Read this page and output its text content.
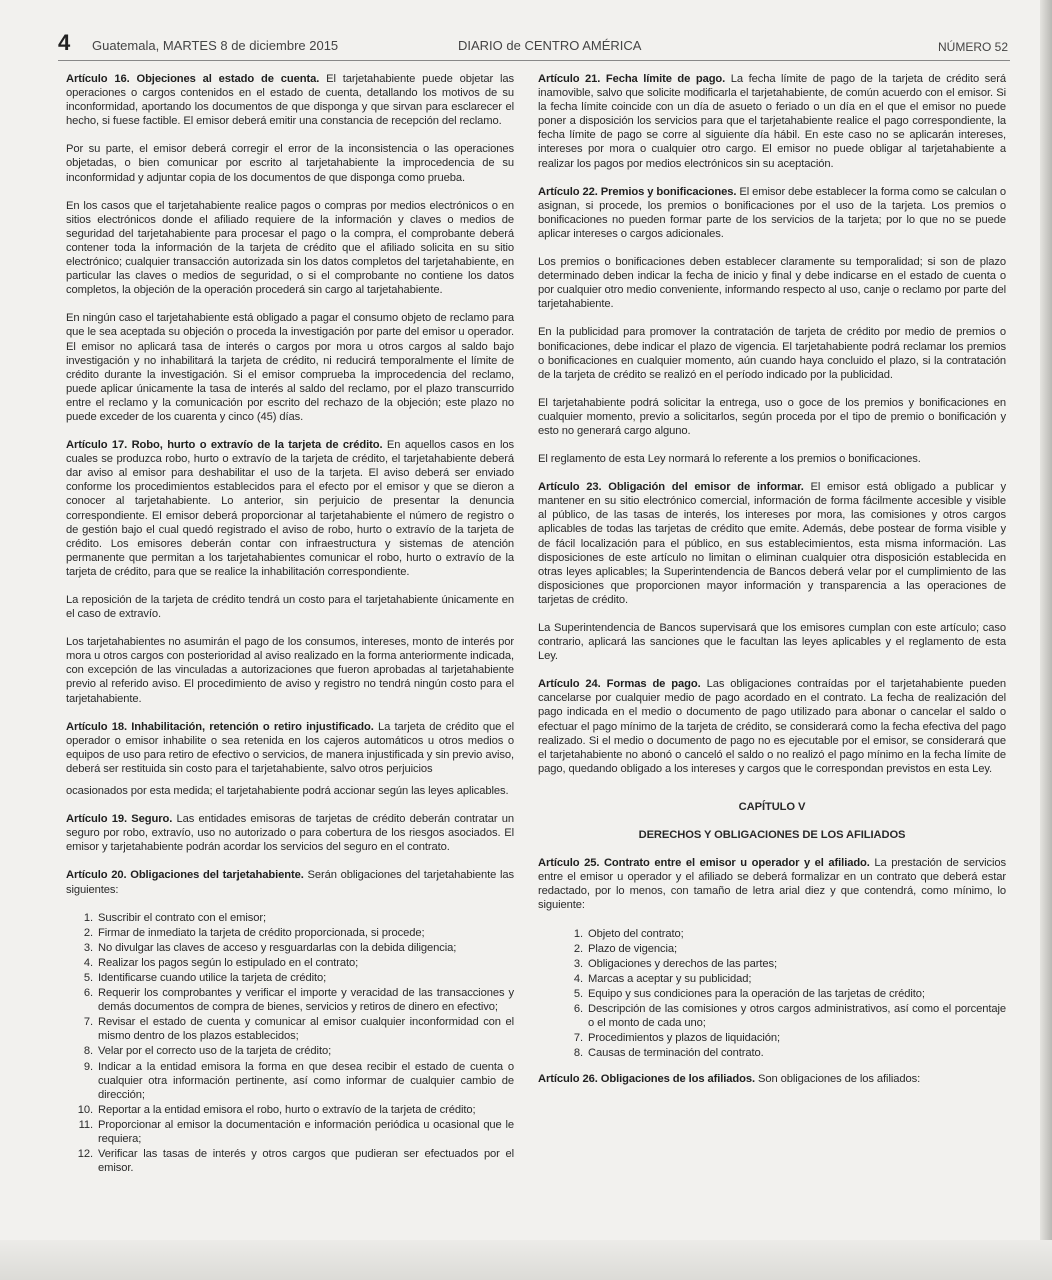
4 Guatemala, MARTES 8 de diciembre 2015	DIARIO de CENTRO AMÉRICA	NÚMERO 52

Artículo 16. Objeciones al estado de cuenta. El tarjetahabiente puede objetar las operaciones o cargos contenidos en el estado de cuenta, detallando los motivos de su inconformidad, aportando los documentos de que disponga y que sirvan para esclarecer el hecho, si fuese factible. El emisor deberá emitir una constancia de recepción del reclamo.

Por su parte, el emisor deberá corregir el error de la inconsistencia o las operaciones objetadas, o bien comunicar por escrito al tarjetahabiente la improcedencia de su inconformidad y adjuntar copia de los documentos de que disponga como prueba.

En los casos que el tarjetahabiente realice pagos o compras por medios electrónicos o en sitios electrónicos donde el afiliado requiere de la información y claves o medios de seguridad del tarjetahabiente para procesar el pago o la compra, el comprobante deberá contener toda la información de la tarjeta de crédito que el afiliado solicita en su sitio electrónico; cualquier transacción autorizada sin los datos completos del tarjetahabiente, en particular las claves o medios de seguridad, o si el comprobante no contiene los datos completos, la objeción de la operación procederá sin cargo al tarjetahabiente.

En ningún caso el tarjetahabiente está obligado a pagar el consumo objeto de reclamo para que le sea aceptada su objeción o proceda la investigación por parte del emisor u operador. El emisor no aplicará tasa de interés o cargos por mora u otros cargos al saldo bajo investigación y no inhabilitará la tarjeta de crédito, ni reducirá temporalmente el límite de crédito durante la investigación. Si el emisor comprueba la improcedencia del reclamo, puede aplicar únicamente la tasa de interés al saldo del reclamo, por el plazo transcurrido entre el reclamo y la comunicación por escrito del rechazo de la objeción; este plazo no puede exceder de los cuarenta y cinco (45) días.

Artículo 17. Robo, hurto o extravío de la tarjeta de crédito. En aquellos casos en los cuales se produzca robo, hurto o extravío de la tarjeta de crédito, el tarjetahabiente deberá dar aviso al emisor para deshabilitar el uso de la tarjeta. El aviso deberá ser enviado conforme los procedimientos establecidos para el efecto por el emisor y que se dieron a conocer al tarjetahabiente. Lo anterior, sin perjuicio de presentar la denuncia correspondiente. El emisor deberá proporcionar al tarjetahabiente el número de registro o de gestión bajo el cual quedó registrado el aviso de robo, hurto o extravío de la tarjeta de crédito. Los emisores deberán contar con infraestructura y sistemas de atención permanente que permitan a los tarjetahabientes comunicar el robo, hurto o extravío de la tarjeta de crédito, para que se realice la inhabilitación correspondiente.

La reposición de la tarjeta de crédito tendrá un costo para el tarjetahabiente únicamente en el caso de extravío.

Los tarjetahabientes no asumirán el pago de los consumos, intereses, monto de interés por mora u otros cargos con posterioridad al aviso realizado en la forma anteriormente indicada, con excepción de las vinculadas a autorizaciones que fueron aprobadas al tarjetahabiente previo al referido aviso. El procedimiento de aviso y registro no tendrá ningún costo para el tarjetahabiente.

Artículo 18. Inhabilitación, retención o retiro injustificado. La tarjeta de crédito que el operador o emisor inhabilite o sea retenida en los cajeros automáticos u otros medios o equipos de uso para retiro de efectivo o servicios, de manera injustificada y sin previo aviso, deberá ser restituida sin costo para el tarjetahabiente, salvo otros perjuicios

ocasionados por esta medida; el tarjetahabiente podrá accionar según las leyes aplicables.

Artículo 19. Seguro. Las entidades emisoras de tarjetas de crédito deberán contratar un seguro por robo, extravío, uso no autorizado o para cobertura de los riesgos asociados. El emisor y tarjetahabiente podrán acordar los servicios del seguro en el contrato.

Artículo 20. Obligaciones del tarjetahabiente. Serán obligaciones del tarjetahabiente las siguientes:

1. Suscribir el contrato con el emisor;
2. Firmar de inmediato la tarjeta de crédito proporcionada, si procede;
3. No divulgar las claves de acceso y resguardarlas con la debida diligencia;
4. Realizar los pagos según lo estipulado en el contrato;
5. Identificarse cuando utilice la tarjeta de crédito;
6. Requerir los comprobantes y verificar el importe y veracidad de las transacciones y demás documentos de compra de bienes, servicios y retiros de dinero en efectivo;
7. Revisar el estado de cuenta y comunicar al emisor cualquier inconformidad con el mismo dentro de los plazos establecidos;
8. Velar por el correcto uso de la tarjeta de crédito;
9. Indicar a la entidad emisora la forma en que desea recibir el estado de cuenta o cualquier otra información pertinente, así como informar de cualquier cambio de dirección;
10. Reportar a la entidad emisora el robo, hurto o extravío de la tarjeta de crédito;
11. Proporcionar al emisor la documentación e información periódica u ocasional que le requiera;
12. Verificar las tasas de interés y otros cargos que pudieran ser efectuados por el emisor.

Artículo 21. Fecha límite de pago. La fecha límite de pago de la tarjeta de crédito será inamovible, salvo que solicite modificarla el tarjetahabiente, de común acuerdo con el emisor. Si la fecha límite coincide con un día de asueto o feriado o un día en el que el emisor no puede poner a disposición los servicios para que el tarjetahabiente realice el pago correspondiente, la fecha límite de pago se corre al siguiente día hábil. En este caso no se aplicarán intereses, intereses por mora o cualquier otro cargo. El emisor no puede obligar al tarjetahabiente a realizar los pagos por medios electrónicos sin su aceptación.

Artículo 22. Premios y bonificaciones. El emisor debe establecer la forma como se calculan o asignan, si procede, los premios o bonificaciones por el uso de la tarjeta. Los premios o bonificaciones no pueden formar parte de los servicios de la tarjeta; por lo que no se puede aplicar intereses o cargos adicionales.

Los premios o bonificaciones deben establecer claramente su temporalidad; si son de plazo determinado deben indicar la fecha de inicio y final y debe indicarse en el estado de cuenta o por cualquier otro medio conveniente, informando respecto al uso, canje o reclamo por parte del tarjetahabiente.

En la publicidad para promover la contratación de tarjeta de crédito por medio de premios o bonificaciones, debe indicar el plazo de vigencia. El tarjetahabiente podrá reclamar los premios o bonificaciones en cualquier momento, aún cuando haya concluido el plazo, si la contratación de la tarjeta de crédito se realizó en el período indicado por la publicidad.

El tarjetahabiente podrá solicitar la entrega, uso o goce de los premios y bonificaciones en cualquier momento, previo a solicitarlos, según proceda por el tipo de premio o bonificación y esto no generará cargo alguno.

El reglamento de esta Ley normará lo referente a los premios o bonificaciones.

Artículo 23. Obligación del emisor de informar. El emisor está obligado a publicar y mantener en su sitio electrónico comercial, información de forma fácilmente accesible y visible al público, de las tasas de interés, los intereses por mora, las comisiones y otros cargos aplicables de todas las tarjetas de crédito que emite. Además, debe postear de forma visible y de fácil localización para el público, en sus establecimientos, esta misma información. Las disposiciones de este artículo no limitan o eliminan cualquier otra disposición establecida en otras leyes aplicables; la Superintendencia de Bancos deberá velar por el cumplimiento de las disposiciones que proporcionen mayor información y transparencia a las operaciones de tarjetas de crédito.

La Superintendencia de Bancos supervisará que los emisores cumplan con este artículo; caso contrario, aplicará las sanciones que le facultan las leyes aplicables y el reglamento de esta Ley.

Artículo 24. Formas de pago. Las obligaciones contraídas por el tarjetahabiente pueden cancelarse por cualquier medio de pago acordado en el contrato. La fecha de realización del pago indicada en el medio o documento de pago utilizado para abonar o cancelar el saldo o efectuar el pago mínimo de la tarjeta de crédito, se considerará como la fecha efectiva del pago realizado. Si el medio o documento de pago no es ejecutable por el emisor, se considerará que el tarjetahabiente no abonó o canceló el saldo o no realizó el pago mínimo en la fecha límite de pago, quedando obligado a los intereses y cargos que le correspondan previstos en esta Ley.

CAPÍTULO V

DERECHOS Y OBLIGACIONES DE LOS AFILIADOS

Artículo 25. Contrato entre el emisor u operador y el afiliado. La prestación de servicios entre el emisor u operador y el afiliado se deberá formalizar en un contrato que deberá estar redactado, por lo menos, con tamaño de letra arial diez y que contendrá, como mínimo, lo siguiente:

1. Objeto del contrato;
2. Plazo de vigencia;
3. Obligaciones y derechos de las partes;
4. Marcas a aceptar y su publicidad;
5. Equipo y sus condiciones para la operación de las tarjetas de crédito;
6. Descripción de las comisiones y otros cargos administrativos, así como el porcentaje o el monto de cada uno;
7. Procedimientos y plazos de liquidación;
8. Causas de terminación del contrato.

Artículo 26. Obligaciones de los afiliados. Son obligaciones de los afiliados:
